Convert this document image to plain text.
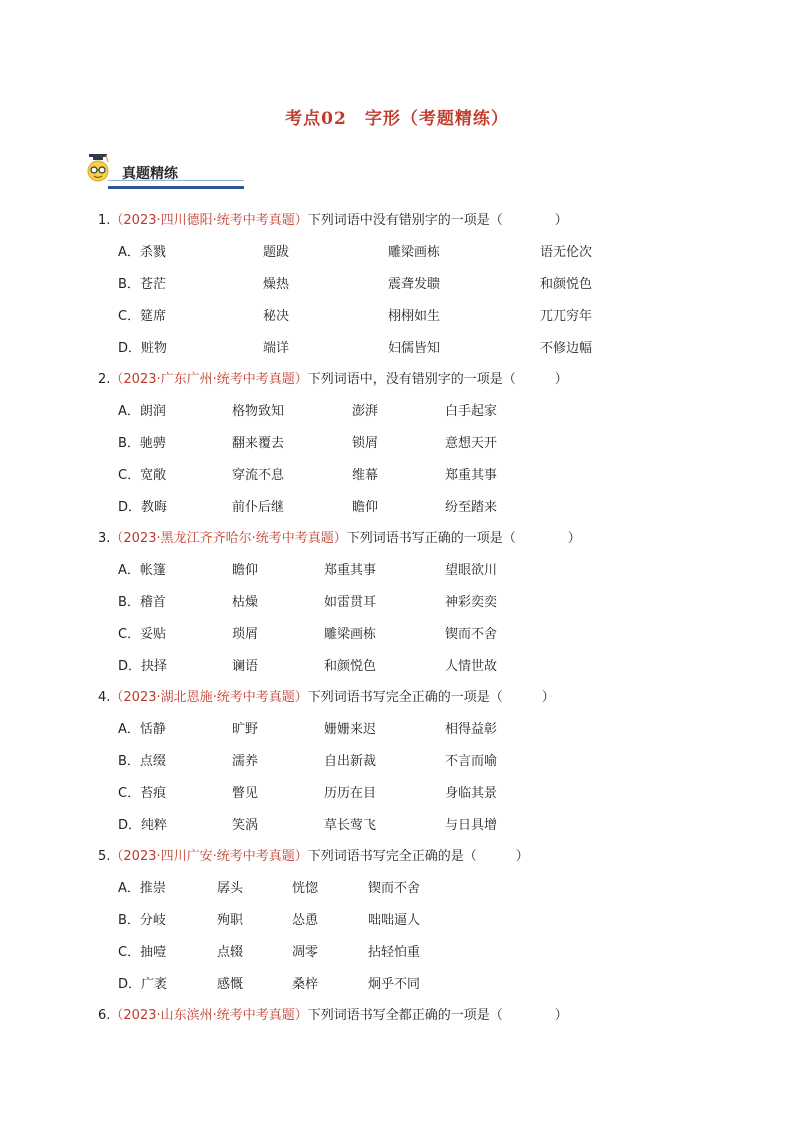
考点02　字形（考题精练）
真题精练
1.（2023·四川德阳·统考中考真题）下列词语中没有错别字的一项是（　　　　）
A．杀戮	题跋	雕梁画栋	语无伦次
B．苍茫	燥热	震聋发聩	和颜悦色
C．筵席	秘决	栩栩如生	兀兀穷年
D．赃物	端详	妇儒皆知	不修边幅
2.（2023·广东广州·统考中考真题）下列词语中，没有错别字的一项是（　　　）
A．朗润	格物致知	澎湃	白手起家
B．驰骋	翻来覆去	锁屑	意想天开
C．宽敞	穿流不息	维幕	郑重其事
D．教晦	前仆后继	瞻仰	纷至踏来
3.（2023·黑龙江齐齐哈尔·统考中考真题）下列词语书写正确的一项是（　　　　）
A．帐篷	瞻仰	郑重其事	望眼欲川
B．稽首	枯燥	如雷贯耳	神彩奕奕
C．妥贴	琐屑	雕梁画栋	锲而不舍
D．抉择	谰语	和颜悦色	人情世故
4.（2023·湖北恩施·统考中考真题）下列词语书写完全正确的一项是（　　　）
A．恬静	旷野	姗姗来迟	相得益彰
B．点缀	濡养	自出新裁	不言而喻
C．苔痕	瞥见	历历在目	身临其景
D．纯粹	笑涡	草长莺飞	与日具增
5.（2023·四川广安·统考中考真题）下列词语书写完全正确的是（　　　）
A．推崇	孱头	恍惚	锲而不舍
B．分岐	殉职	怂恿	咄咄逼人
C．抽噎	点辍	凋零	拈轻怕重
D．广袤	感慨	桑梓	炯乎不同
6.（2023·山东滨州·统考中考真题）下列词语书写全都正确的一项是（　　　　）
